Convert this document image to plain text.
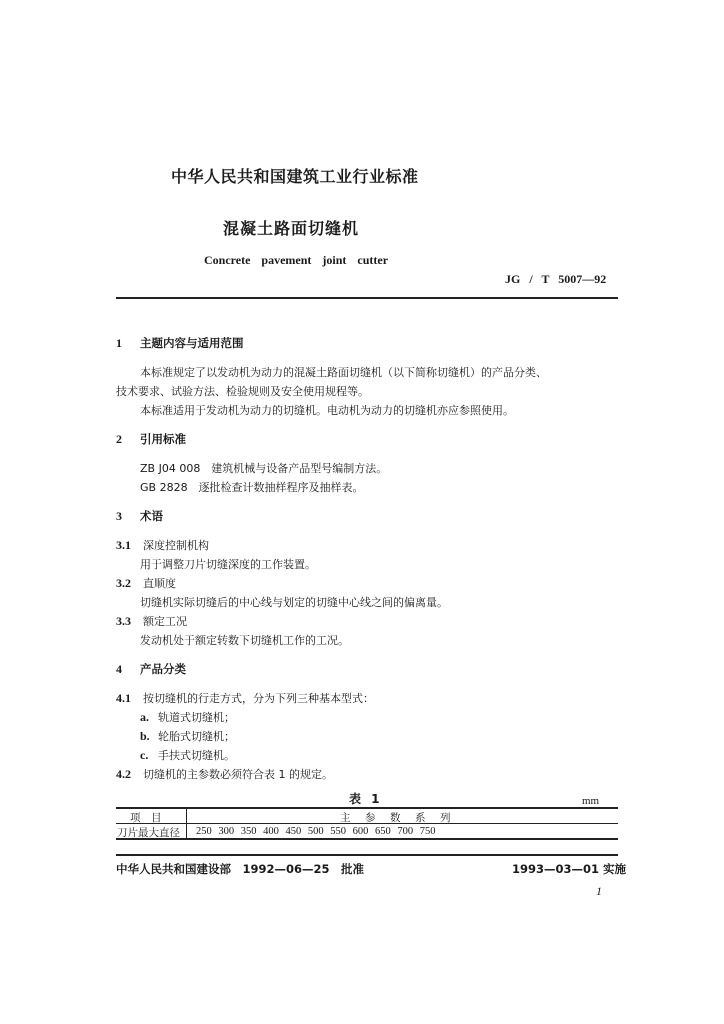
中华人民共和国建筑工业行业标准
混凝土路面切缝机
Concrete pavement joint cutter
JG / T 5007—92
1 主题内容与适用范围
本标准规定了以发动机为动力的混凝土路面切缝机（以下简称切缝机）的产品分类、
技术要求、试验方法、检验规则及安全使用规程等。
本标准适用于发动机为动力的切缝机。电动机为动力的切缝机亦应参照使用。
2 引用标准
ZB J04 008　建筑机械与设备产品型号编制方法。
GB 2828　逐批检查计数抽样程序及抽样表。
3 术语
3.1 深度控制机构
用于调整刀片切缝深度的工作装置。
3.2 直顺度
切缝机实际切缝后的中心线与划定的切缝中心线之间的偏离量。
3.3 额定工况
发动机处于额定转数下切缝机工作的工况。
4 产品分类
4.1 按切缝机的行走方式，分为下列三种基本型式：
a. 轨道式切缝机；
b. 轮胎式切缝机；
c. 手扶式切缝机。
4.2 切缝机的主参数必须符合表 1 的规定。
表 1	mm
项　目	主　参　数　系　列
刀片最大直径 250 300 350 400 450 500 550 600 650 700 750
中华人民共和国建设部　1992—06—25　批准	1993—03—01 实施
1
